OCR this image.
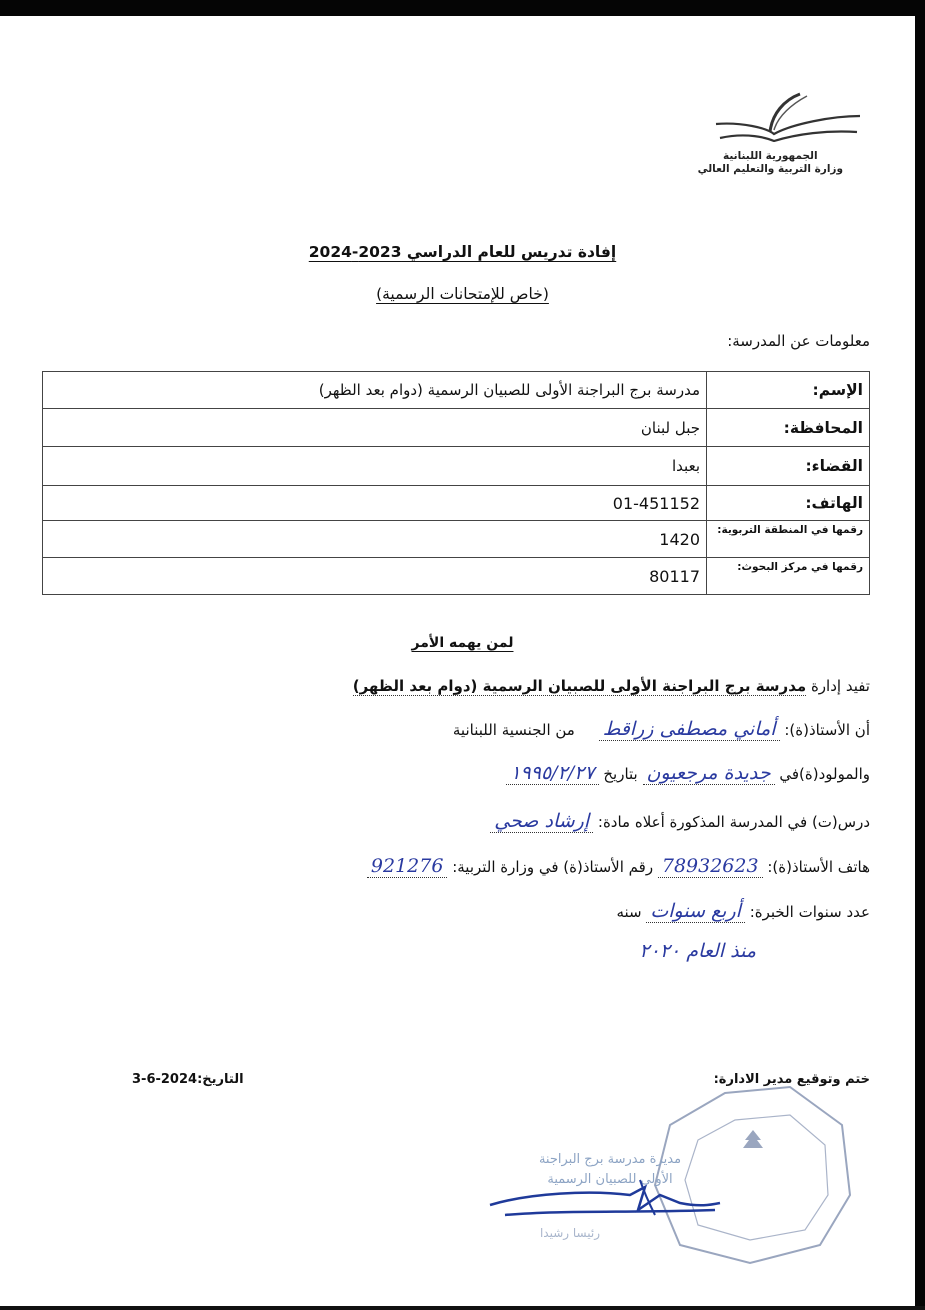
الجمهورية اللبنانية
وزارة التربية والتعليم العالي
إفادة تدريس للعام الدراسي 2023-2024
(خاص للإمتحانات الرسمية)
معلومات عن المدرسة:
الإسم:	مدرسة برج البراجنة الأولى للصبيان الرسمية (دوام بعد الظهر)
المحافظة:	جبل لبنان
القضاء:	بعبدا
الهاتف:	01-451152
رقمها في المنطقة التربوية:	1420
رقمها في مركز البحوث:	80117
لمن يهمه الأمر
تفيد إدارة مدرسة برج البراجنة الأولى للصبيان الرسمية (دوام بعد الظهر)
أن الأستاذ(ة): أماني مصطفى زراقط     من الجنسية اللبنانية
والمولود(ة)في جديدة مرجعيون بتاريخ ١٩٩٥/٢/٢٧
درس(ت) في المدرسة المذكورة أعلاه مادة: إرشاد صحي
هاتف الأستاذ(ة): 78932623 رقم الأستاذ(ة) في وزارة التربية: 921276
عدد سنوات الخبرة: أربع سنوات سنه
منذ العام ٢٠٢٠
ختم وتوقيع مدير الادارة:
التاريخ:3-6-2024
مديرة مدرسة برج البراجنة
الأولى للصبيان الرسمية
رئيسا رشيدا
